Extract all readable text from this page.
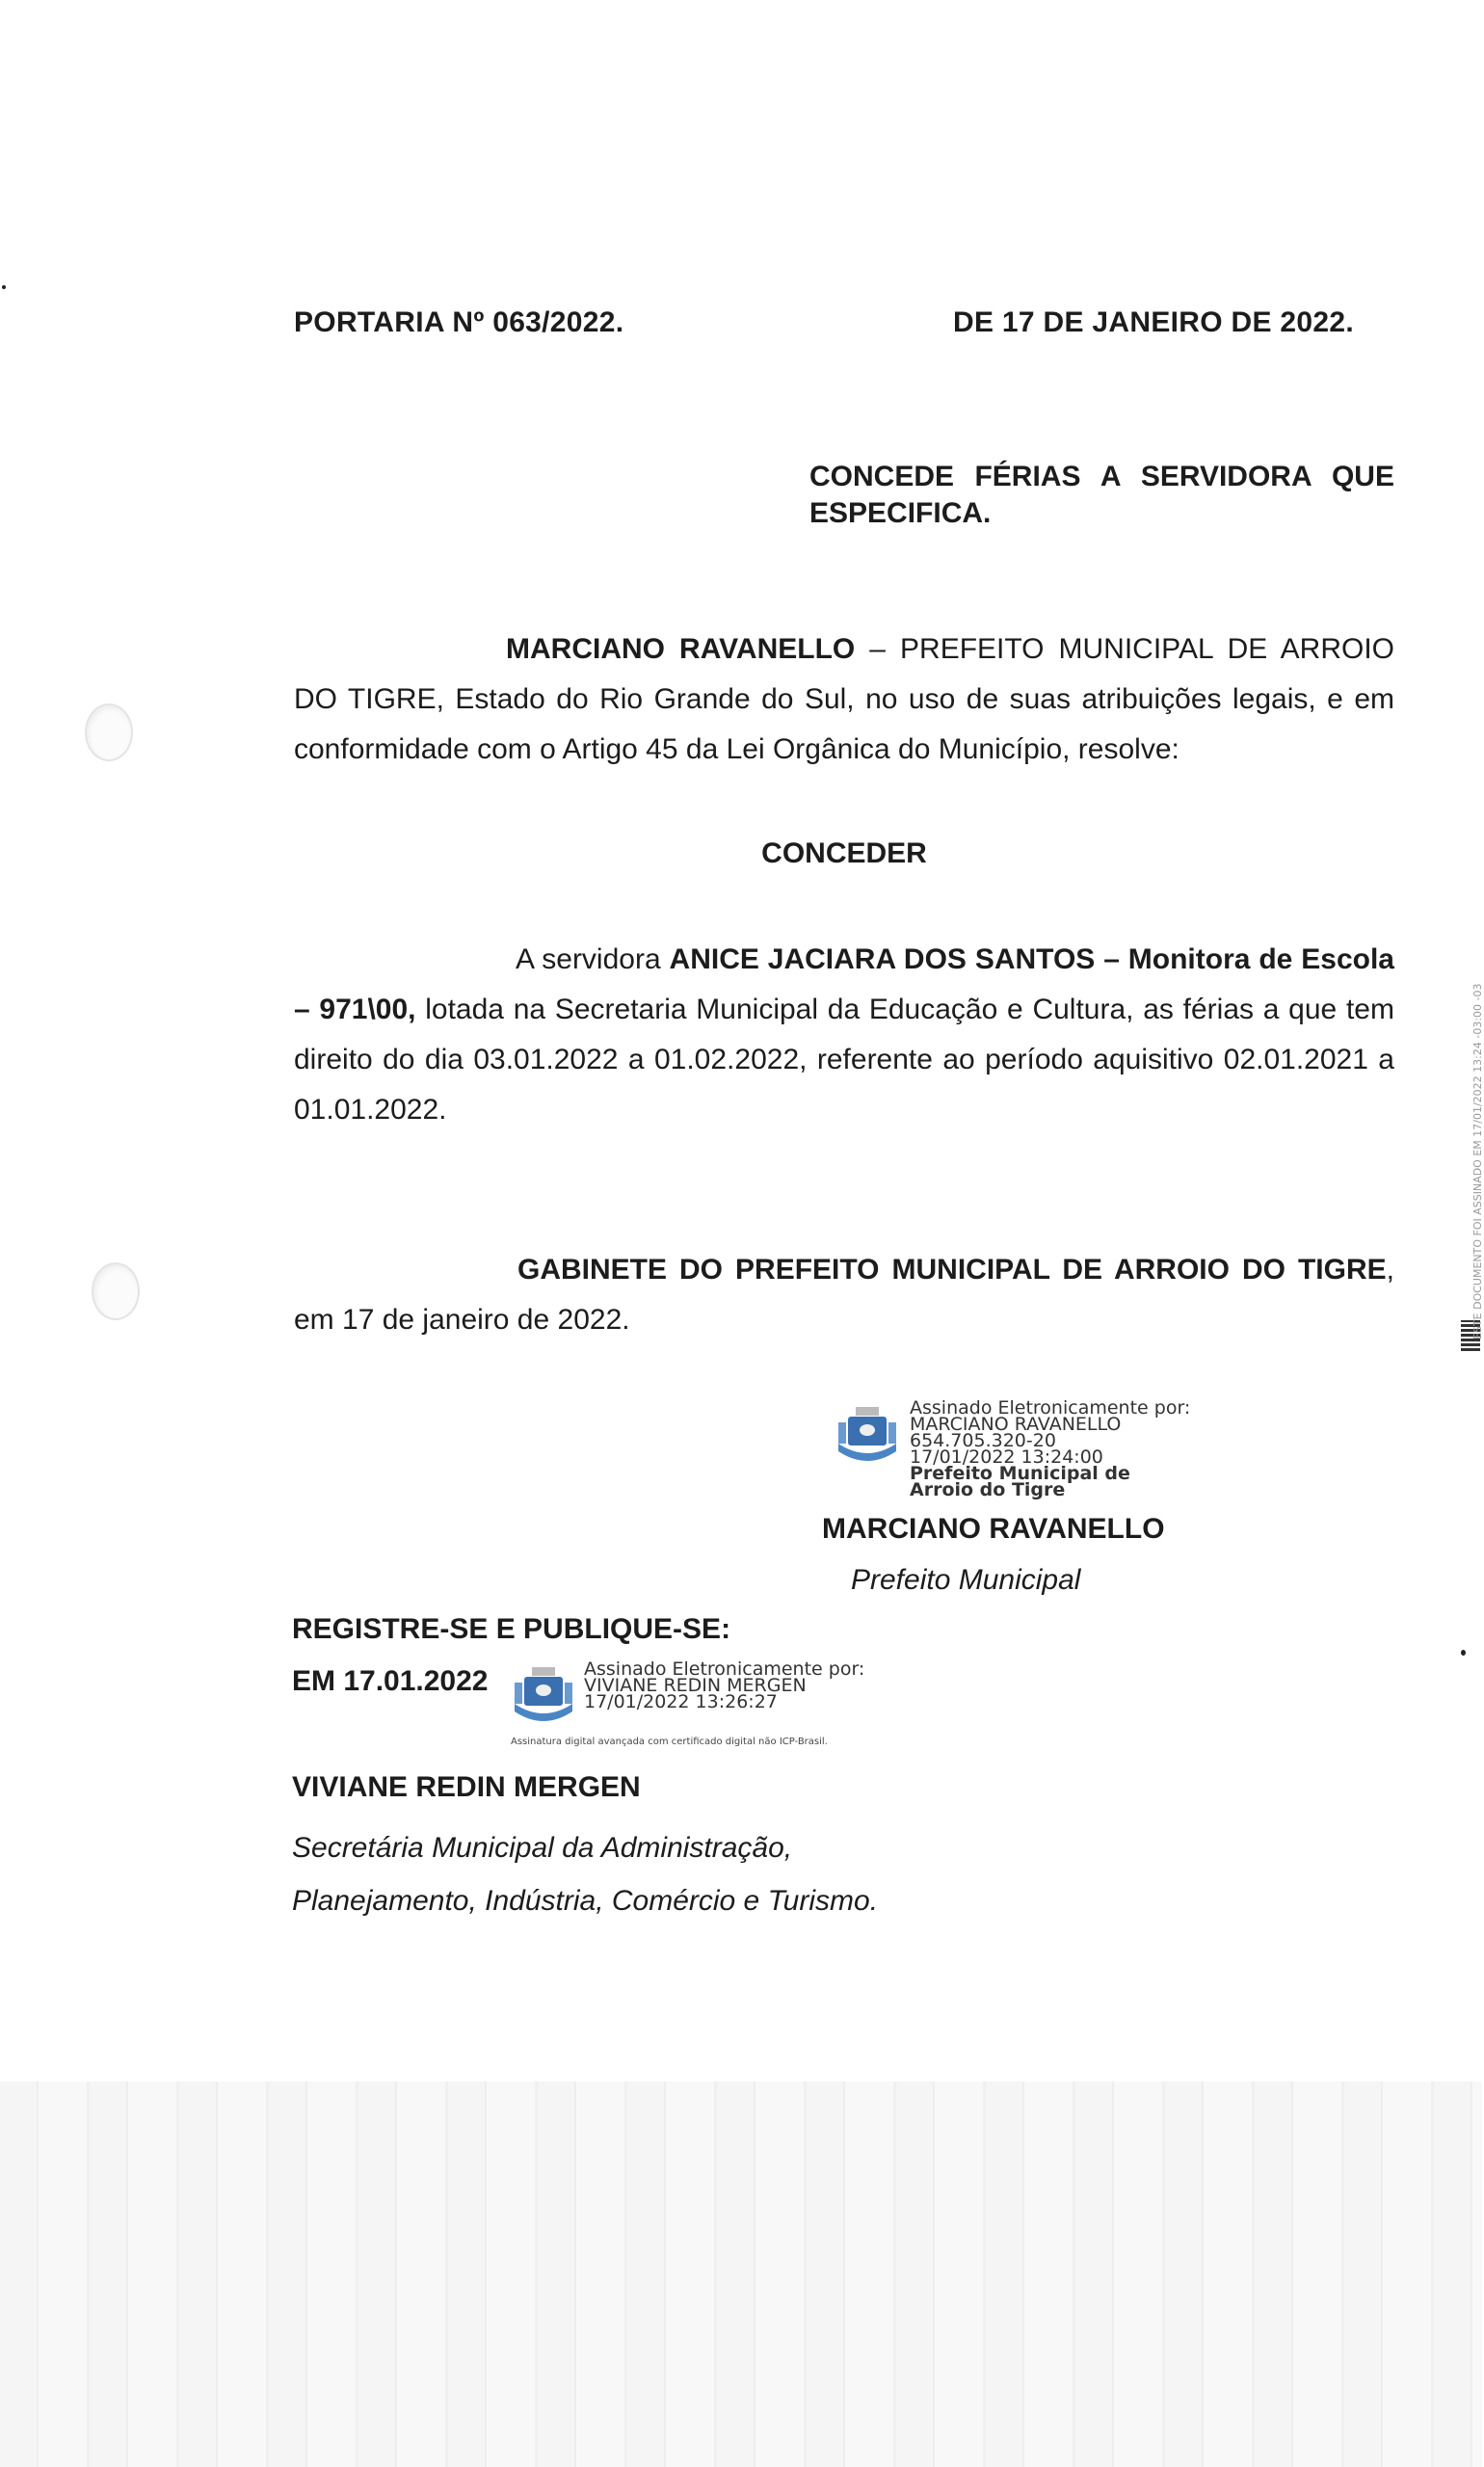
PORTARIA Nº 063/2022.	DE 17 DE JANEIRO DE 2022.
CONCEDE FÉRIAS A SERVIDORA QUE ESPECIFICA.
MARCIANO RAVANELLO – PREFEITO MUNICIPAL DE ARROIO DO TIGRE, Estado do Rio Grande do Sul, no uso de suas atribuições legais, e em conformidade com o Artigo 45 da Lei Orgânica do Município, resolve:
CONCEDER
A servidora ANICE JACIARA DOS SANTOS – Monitora de Escola – 971\00, lotada na Secretaria Municipal da Educação e Cultura, as férias a que tem direito do dia 03.01.2022 a 01.02.2022, referente ao período aquisitivo 02.01.2021 a 01.01.2022.
GABINETE DO PREFEITO MUNICIPAL DE ARROIO DO TIGRE, em 17 de janeiro de 2022.
Assinado Eletronicamente por:
MARCIANO RAVANELLO
654.705.320-20
17/01/2022 13:24:00
Prefeito Municipal de
Arroio do Tigre
MARCIANO RAVANELLO
Prefeito Municipal
REGISTRE-SE E PUBLIQUE-SE:
EM 17.01.2022	Assinado Eletronicamente por:
VIVIANE REDIN MERGEN
17/01/2022 13:26:27
Assinatura digital avançada com certificado digital não ICP-Brasil.
VIVIANE REDIN MERGEN
Secretária Municipal da Administração,
Planejamento, Indústria, Comércio e Turismo.
ESTE DOCUMENTO FOI ASSINADO EM 17/01/2022 13:24 -03:00 -03
